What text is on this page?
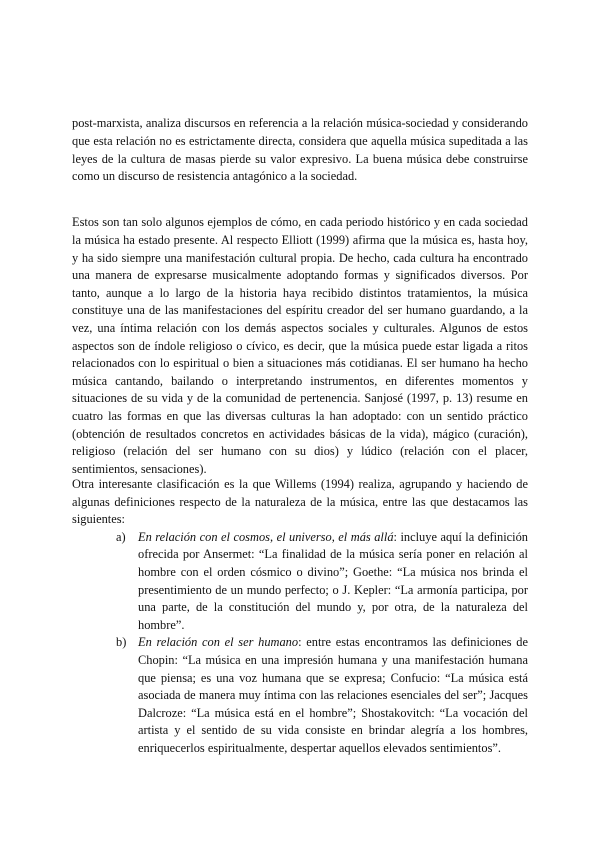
post-marxista, analiza discursos en referencia a la relación música-sociedad y considerando que esta relación no es estrictamente directa, considera que aquella música supeditada a las leyes de la cultura de masas pierde su valor expresivo. La buena música debe construirse como un discurso de resistencia antagónico a la sociedad.

Estos son tan solo algunos ejemplos de cómo, en cada periodo histórico y en cada sociedad la música ha estado presente. Al respecto Elliott (1999) afirma que la música es, hasta hoy, y ha sido siempre una manifestación cultural propia. De hecho, cada cultura ha encontrado una manera de expresarse musicalmente adoptando formas y significados diversos. Por tanto, aunque a lo largo de la historia haya recibido distintos tratamientos, la música constituye una de las manifestaciones del espíritu creador del ser humano guardando, a la vez, una íntima relación con los demás aspectos sociales y culturales. Algunos de estos aspectos son de índole religioso o cívico, es decir, que la música puede estar ligada a ritos relacionados con lo espiritual o bien a situaciones más cotidianas. El ser humano ha hecho música cantando, bailando o interpretando instrumentos, en diferentes momentos y situaciones de su vida y de la comunidad de pertenencia. Sanjosé (1997, p. 13) resume en cuatro las formas en que las diversas culturas la han adoptado: con un sentido práctico (obtención de resultados concretos en actividades básicas de la vida), mágico (curación), religioso (relación del ser humano con su dios) y lúdico (relación con el placer, sentimientos, sensaciones).

Otra interesante clasificación es la que Willems (1994) realiza, agrupando y haciendo de algunas definiciones respecto de la naturaleza de la música, entre las que destacamos las siguientes:

a) En relación con el cosmos, el universo, el más allá: incluye aquí la definición ofrecida por Ansermet: “La finalidad de la música sería poner en relación al hombre con el orden cósmico o divino”; Goethe: “La música nos brinda el presentimiento de un mundo perfecto; o J. Kepler: “La armonía participa, por una parte, de la constitución del mundo y, por otra, de la naturaleza del hombre”.
b) En relación con el ser humano: entre estas encontramos las definiciones de Chopin: “La música en una impresión humana y una manifestación humana que piensa; es una voz humana que se expresa; Confucio: “La música está asociada de manera muy íntima con las relaciones esenciales del ser”; Jacques Dalcroze: “La música está en el hombre”; Shostakovitch: “La vocación del artista y el sentido de su vida consiste en brindar alegría a los hombres, enriquecerlos espiritualmente, despertar aquellos elevados sentimientos”.
